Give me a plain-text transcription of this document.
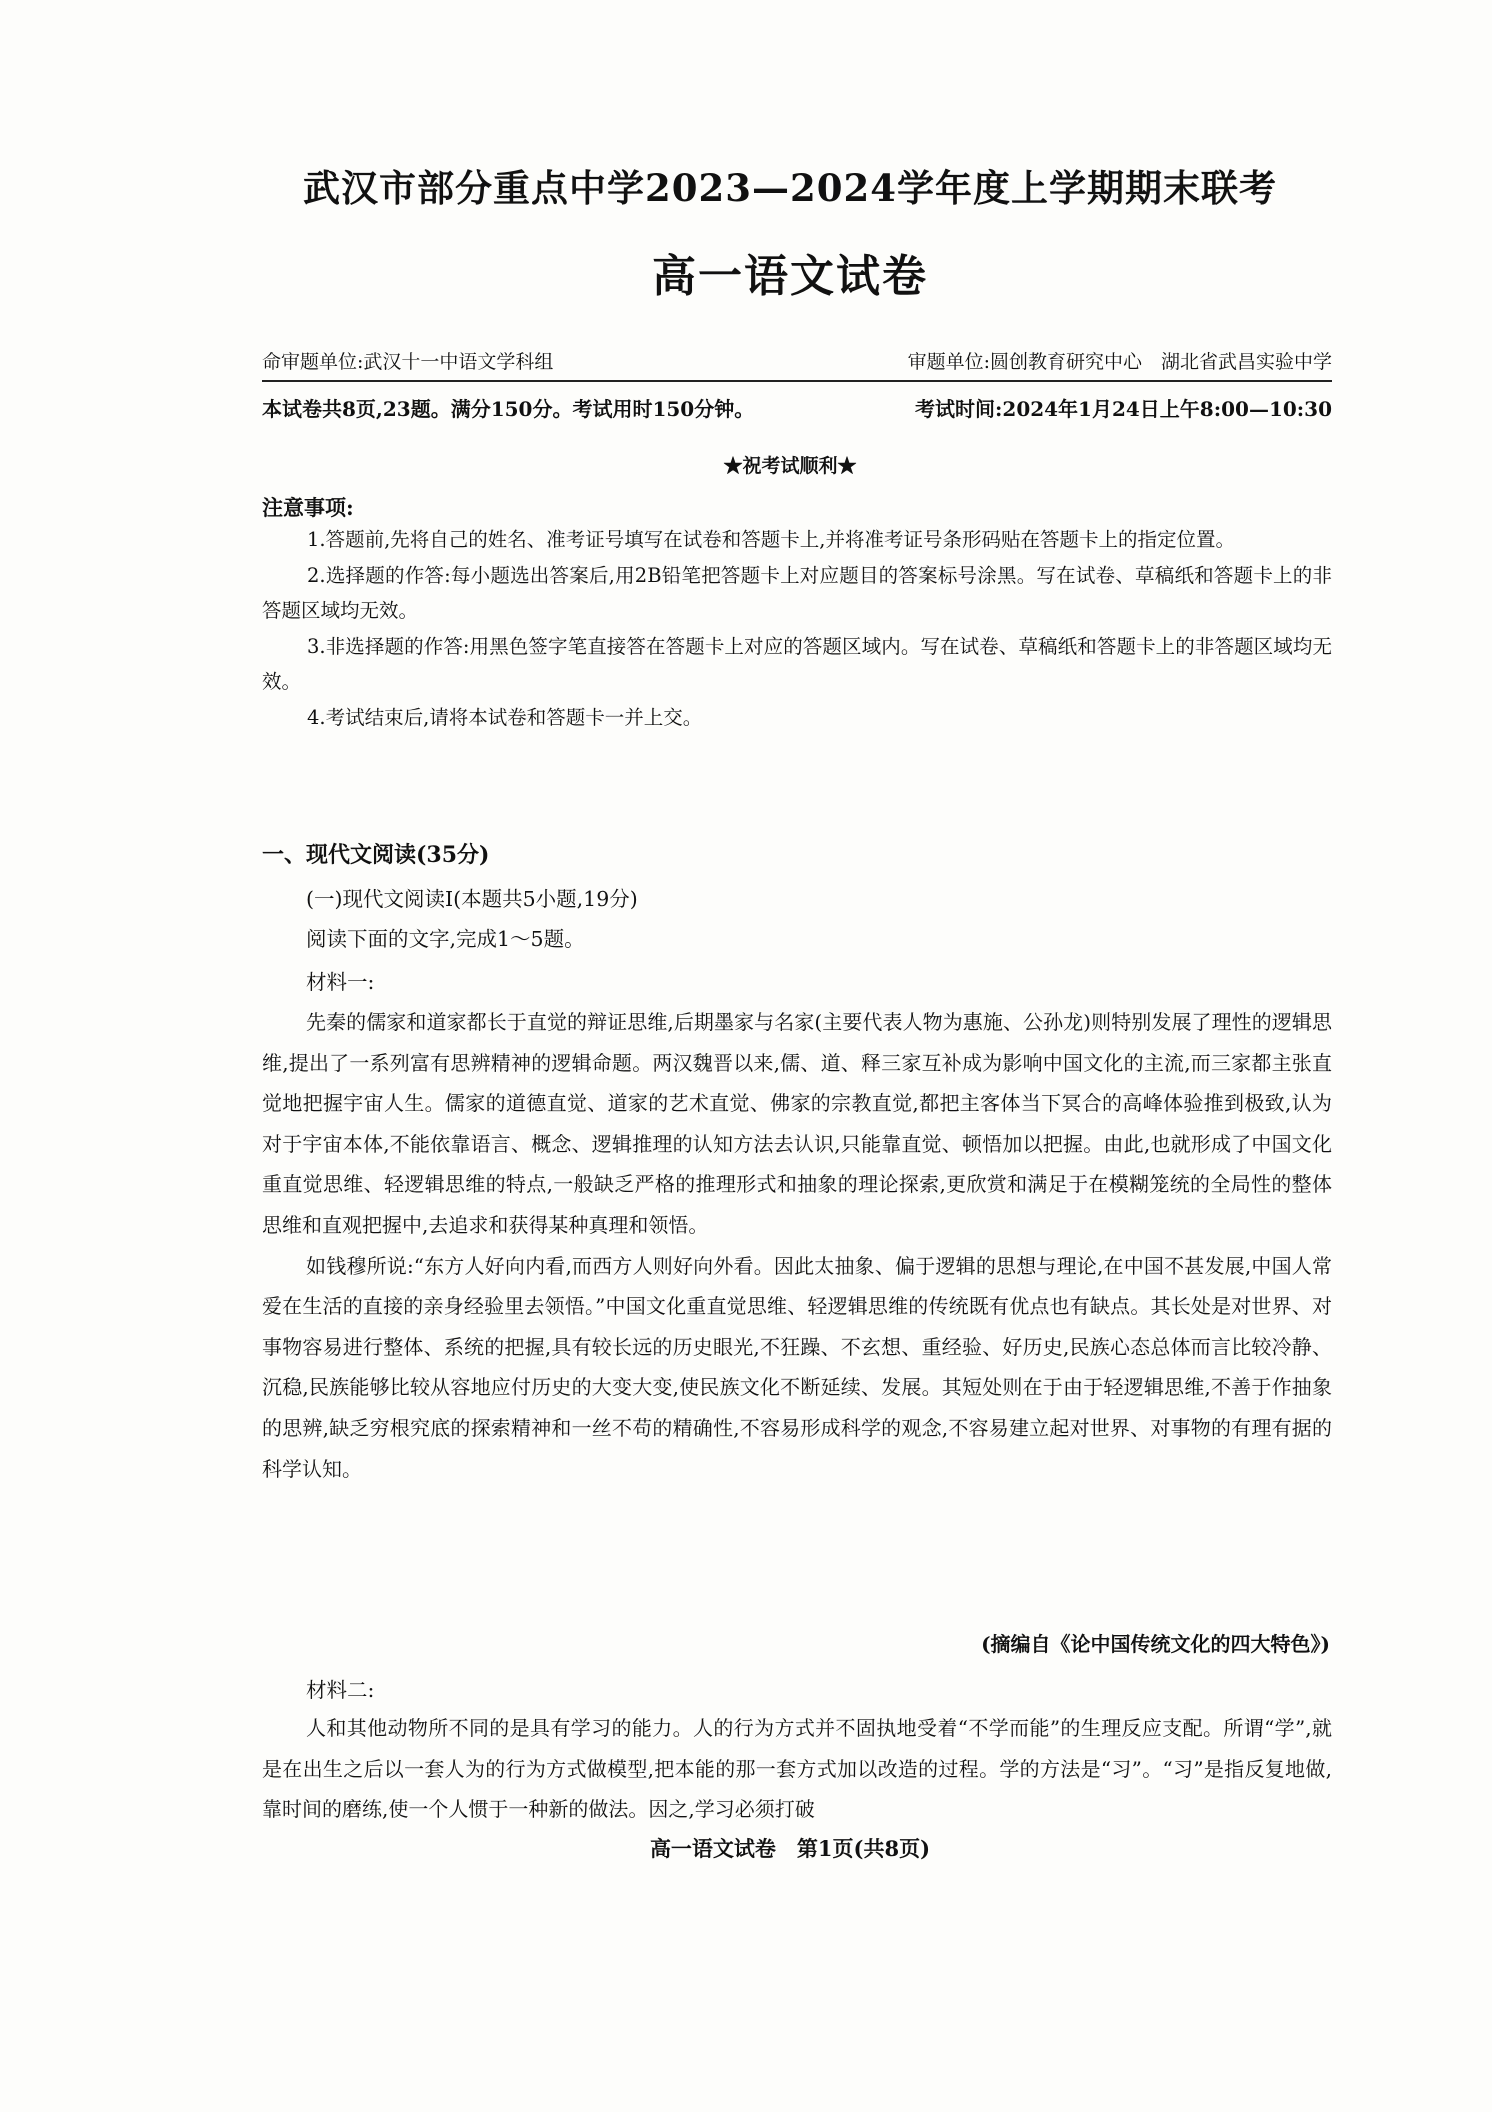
武汉市部分重点中学2023—2024学年度上学期期末联考
高一语文试卷
命审题单位:武汉十一中语文学科组	审题单位:圆创教育研究中心　湖北省武昌实验中学
本试卷共8页,23题。满分150分。考试用时150分钟。	考试时间:2024年1月24日上午8:00—10:30
★祝考试顺利★
注意事项:

1.答题前,先将自己的姓名、准考证号填写在试卷和答题卡上,并将准考证号条形码贴在答题卡上的指定位置。

2.选择题的作答:每小题选出答案后,用2B铅笔把答题卡上对应题目的答案标号涂黑。写在试卷、草稿纸和答题卡上的非答题区域均无效。

3.非选择题的作答:用黑色签字笔直接答在答题卡上对应的答题区域内。写在试卷、草稿纸和答题卡上的非答题区域均无效。

4.考试结束后,请将本试卷和答题卡一并上交。

一、现代文阅读(35分)
(一)现代文阅读Ⅰ(本题共5小题,19分)
阅读下面的文字,完成1～5题。
材料一:

先秦的儒家和道家都长于直觉的辩证思维,后期墨家与名家(主要代表人物为惠施、公孙龙)则特别发展了理性的逻辑思维,提出了一系列富有思辨精神的逻辑命题。两汉魏晋以来,儒、道、释三家互补成为影响中国文化的主流,而三家都主张直觉地把握宇宙人生。儒家的道德直觉、道家的艺术直觉、佛家的宗教直觉,都把主客体当下冥合的高峰体验推到极致,认为对于宇宙本体,不能依靠语言、概念、逻辑推理的认知方法去认识,只能靠直觉、顿悟加以把握。由此,也就形成了中国文化重直觉思维、轻逻辑思维的特点,一般缺乏严格的推理形式和抽象的理论探索,更欣赏和满足于在模糊笼统的全局性的整体思维和直观把握中,去追求和获得某种真理和领悟。

如钱穆所说:“东方人好向内看,而西方人则好向外看。因此太抽象、偏于逻辑的思想与理论,在中国不甚发展,中国人常爱在生活的直接的亲身经验里去领悟。”中国文化重直觉思维、轻逻辑思维的传统既有优点也有缺点。其长处是对世界、对事物容易进行整体、系统的把握,具有较长远的历史眼光,不狂躁、不玄想、重经验、好历史,民族心态总体而言比较冷静、沉稳,民族能够比较从容地应付历史的大变大变,使民族文化不断延续、发展。其短处则在于由于轻逻辑思维,不善于作抽象的思辨,缺乏穷根究底的探索精神和一丝不苟的精确性,不容易形成科学的观念,不容易建立起对世界、对事物的有理有据的科学认知。

(摘编自《论中国传统文化的四大特色》)
材料二:

人和其他动物所不同的是具有学习的能力。人的行为方式并不固执地受着“不学而能”的生理反应支配。所谓“学”,就是在出生之后以一套人为的行为方式做模型,把本能的那一套方式加以改造的过程。学的方法是“习”。“习”是指反复地做,靠时间的磨练,使一个人惯于一种新的做法。因之,学习必须打破

高一语文试卷　第1页(共8页)
